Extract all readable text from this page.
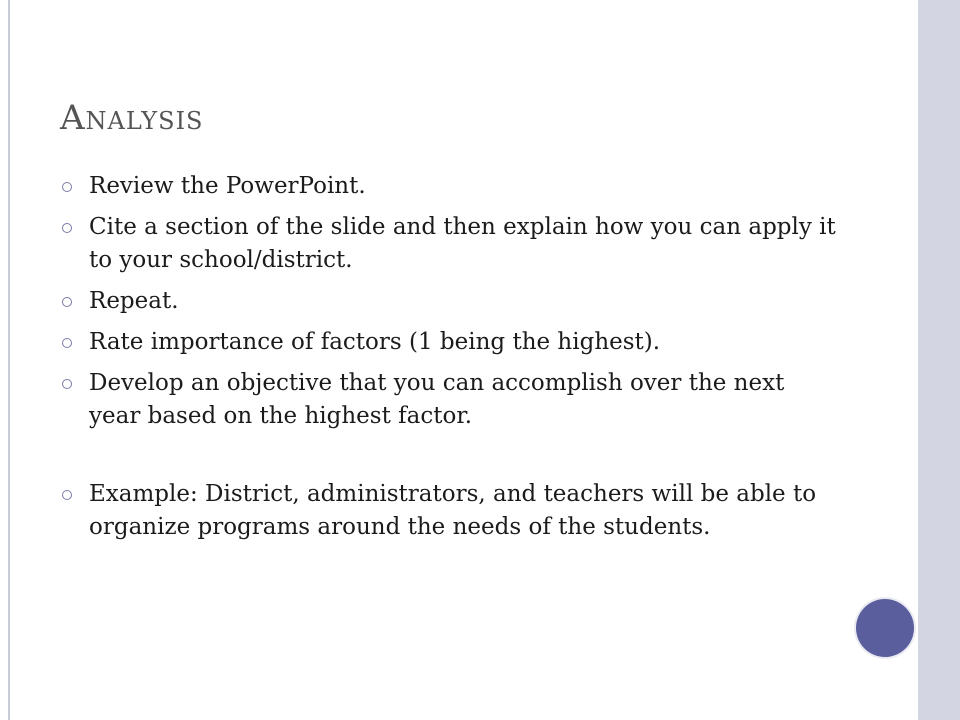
Analysis
Review the PowerPoint.
Cite a section of the slide and then explain how you can apply it to your school/district.
Repeat.
Rate importance of factors (1 being the highest).
Develop an objective that you can accomplish over the next year based on the highest factor.
Example: District, administrators, and teachers will be able to organize programs around the needs of the students.
